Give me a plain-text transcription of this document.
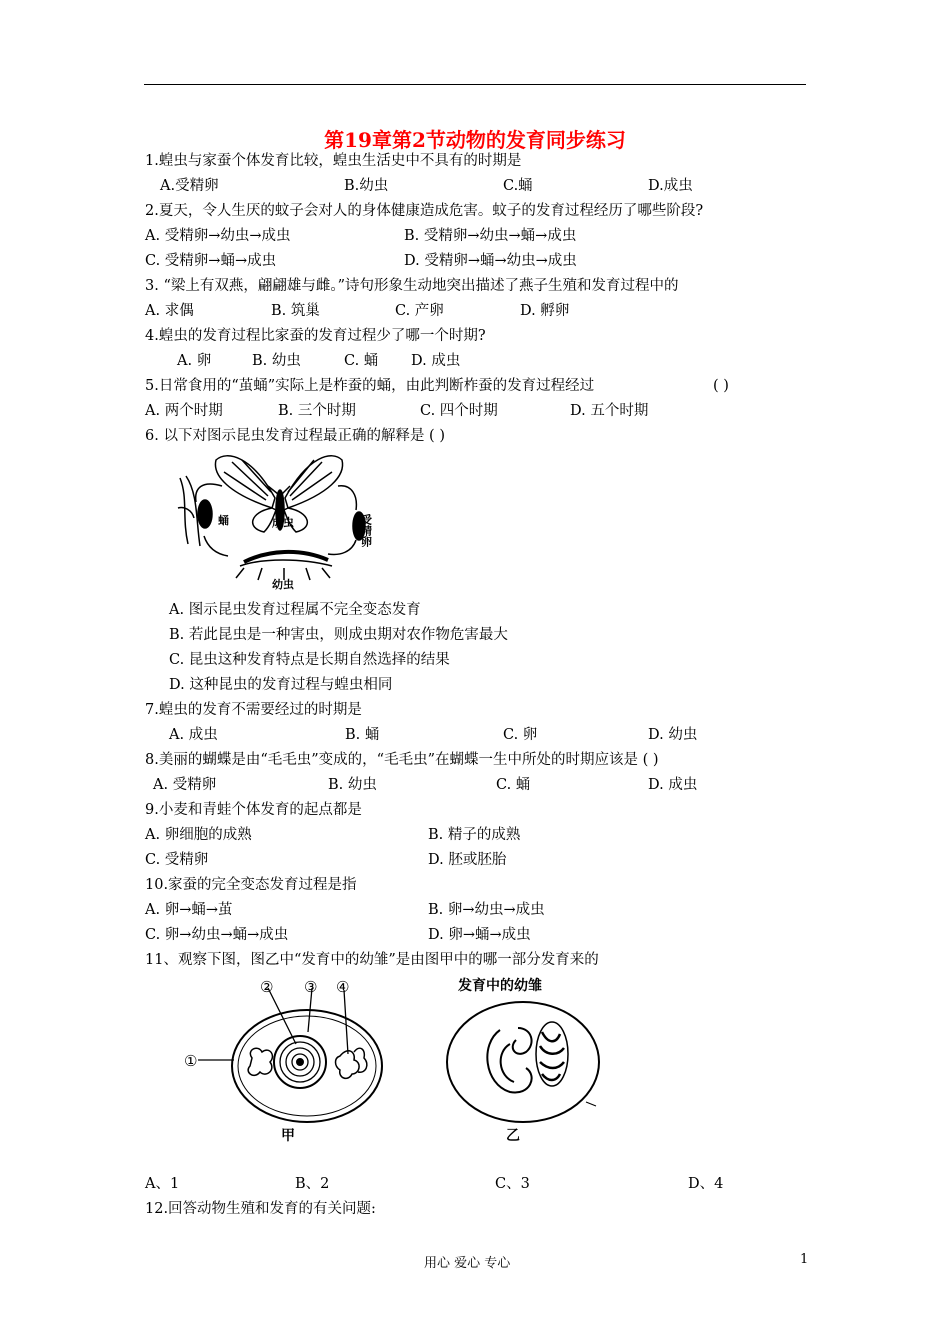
第19章第2节动物的发育同步练习
1.蝗虫与家蚕个体发育比较，蝗虫生活史中不具有的时期是
A.受精卵	B.幼虫	C.蛹	D.成虫
2.夏天，令人生厌的蚊子会对人的身体健康造成危害。蚊子的发育过程经历了哪些阶段?
A. 受精卵→幼虫→成虫	B. 受精卵→幼虫→蛹→成虫
C. 受精卵→蛹→成虫	D. 受精卵→蛹→幼虫→成虫
3. “梁上有双燕，翩翩雄与雌。”诗句形象生动地突出描述了燕子生殖和发育过程中的
A. 求偶	B. 筑巢	C. 产卵	D. 孵卵
4.蝗虫的发育过程比家蚕的发育过程少了哪一个时期?
A. 卵	B. 幼虫	C. 蛹 D. 成虫
5.日常食用的“茧蛹”实际上是柞蚕的蛹，由此判断柞蚕的发育过程经过	( )
A. 两个时期	B. 三个时期	C. 四个时期	D. 五个时期
6. 以下对图示昆虫发育过程最正确的解释是 ( )
成虫
蛹	受精卵
幼虫
A. 图示昆虫发育过程属不完全变态发育
B. 若此昆虫是一种害虫，则成虫期对农作物危害最大
C. 昆虫这种发育特点是长期自然选择的结果
D. 这种昆虫的发育过程与蝗虫相同
7.蝗虫的发育不需要经过的时期是
A. 成虫	B. 蛹	C. 卵	D. 幼虫
8.美丽的蝴蝶是由“毛毛虫”变成的，“毛毛虫”在蝴蝶一生中所处的时期应该是 ( )
A. 受精卵	B. 幼虫	C. 蛹	D. 成虫
9.小麦和青蛙个体发育的起点都是
A. 卵细胞的成熟	B. 精子的成熟
C. 受精卵	D. 胚或胚胎
10.家蚕的完全变态发育过程是指
A. 卵→蛹→茧	B. 卵→幼虫→成虫
C. 卵→幼虫→蛹→成虫	D. 卵→蛹→成虫
11、观察下图，图乙中“发育中的幼雏”是由图甲中的哪一部分发育来的
② ③ ④
①
甲	乙
发育中的幼雏
A、1	B、2	C、3	D、4
12.回答动物生殖和发育的有关问题:
用心 爱心 专心	1
